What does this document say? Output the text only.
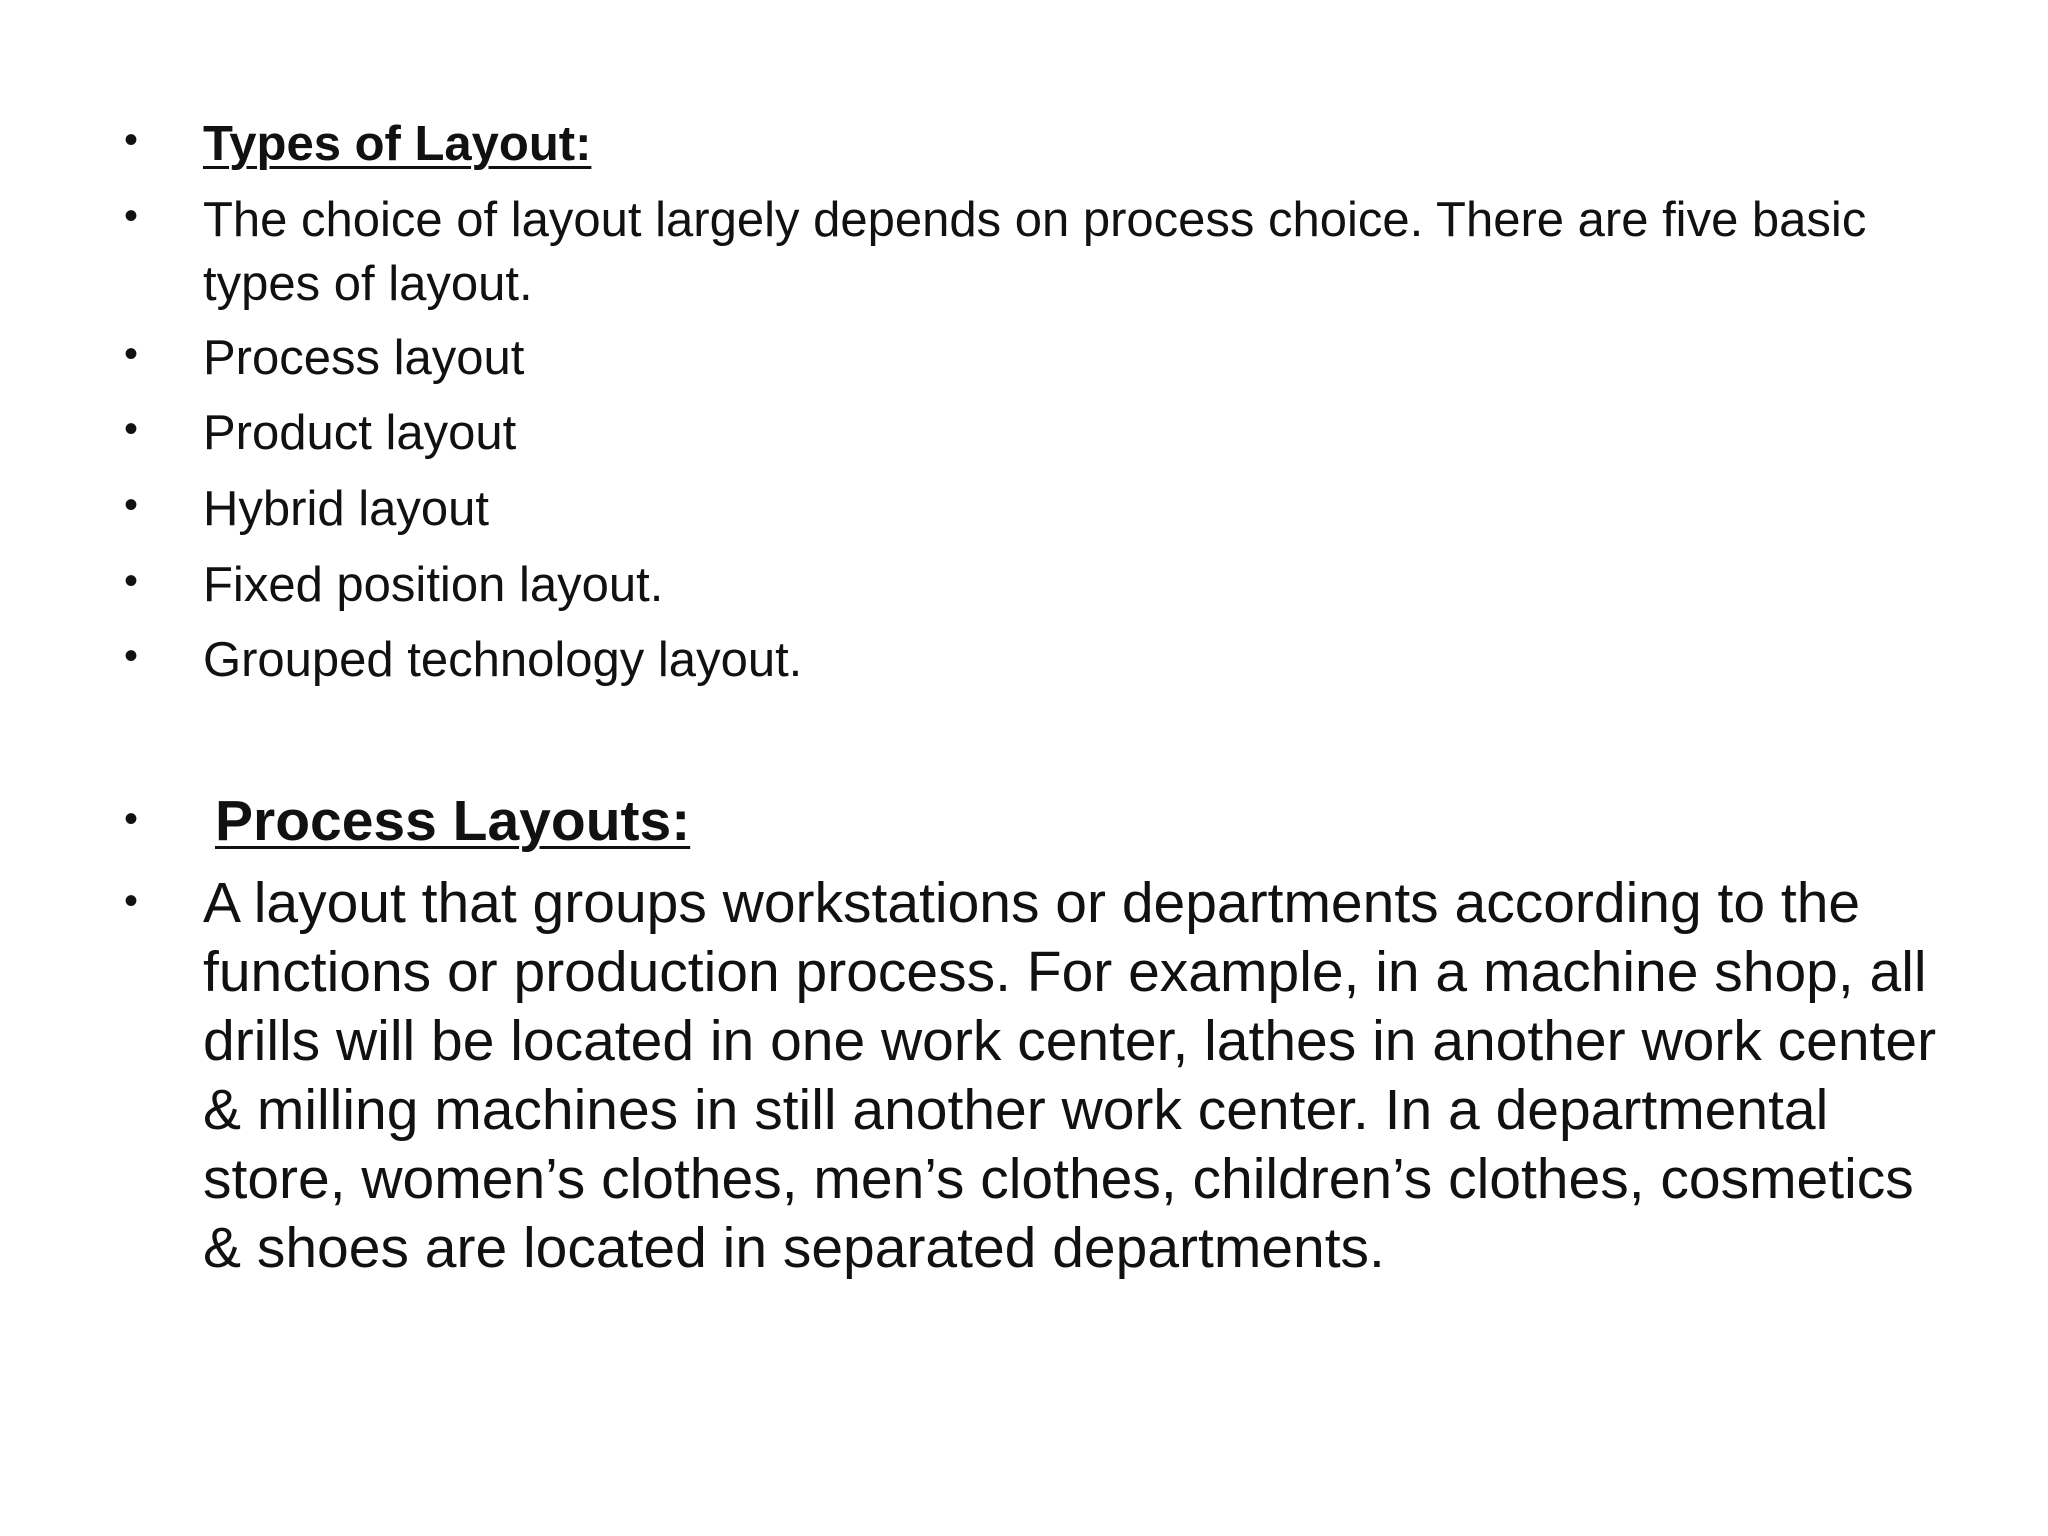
• Types of Layout:
• The choice of layout largely depends on process choice. There are five basic types of layout.
• Process layout
• Product layout
• Hybrid layout
• Fixed position layout.
• Grouped technology layout.
• Process Layouts:
• A layout that groups workstations or departments according to the functions or production process. For example, in a machine shop, all drills will be located in one work center, lathes in another work center & milling machines in still another work center. In a departmental store, women’s clothes, men’s clothes, children’s clothes, cosmetics & shoes are located in separated departments.
